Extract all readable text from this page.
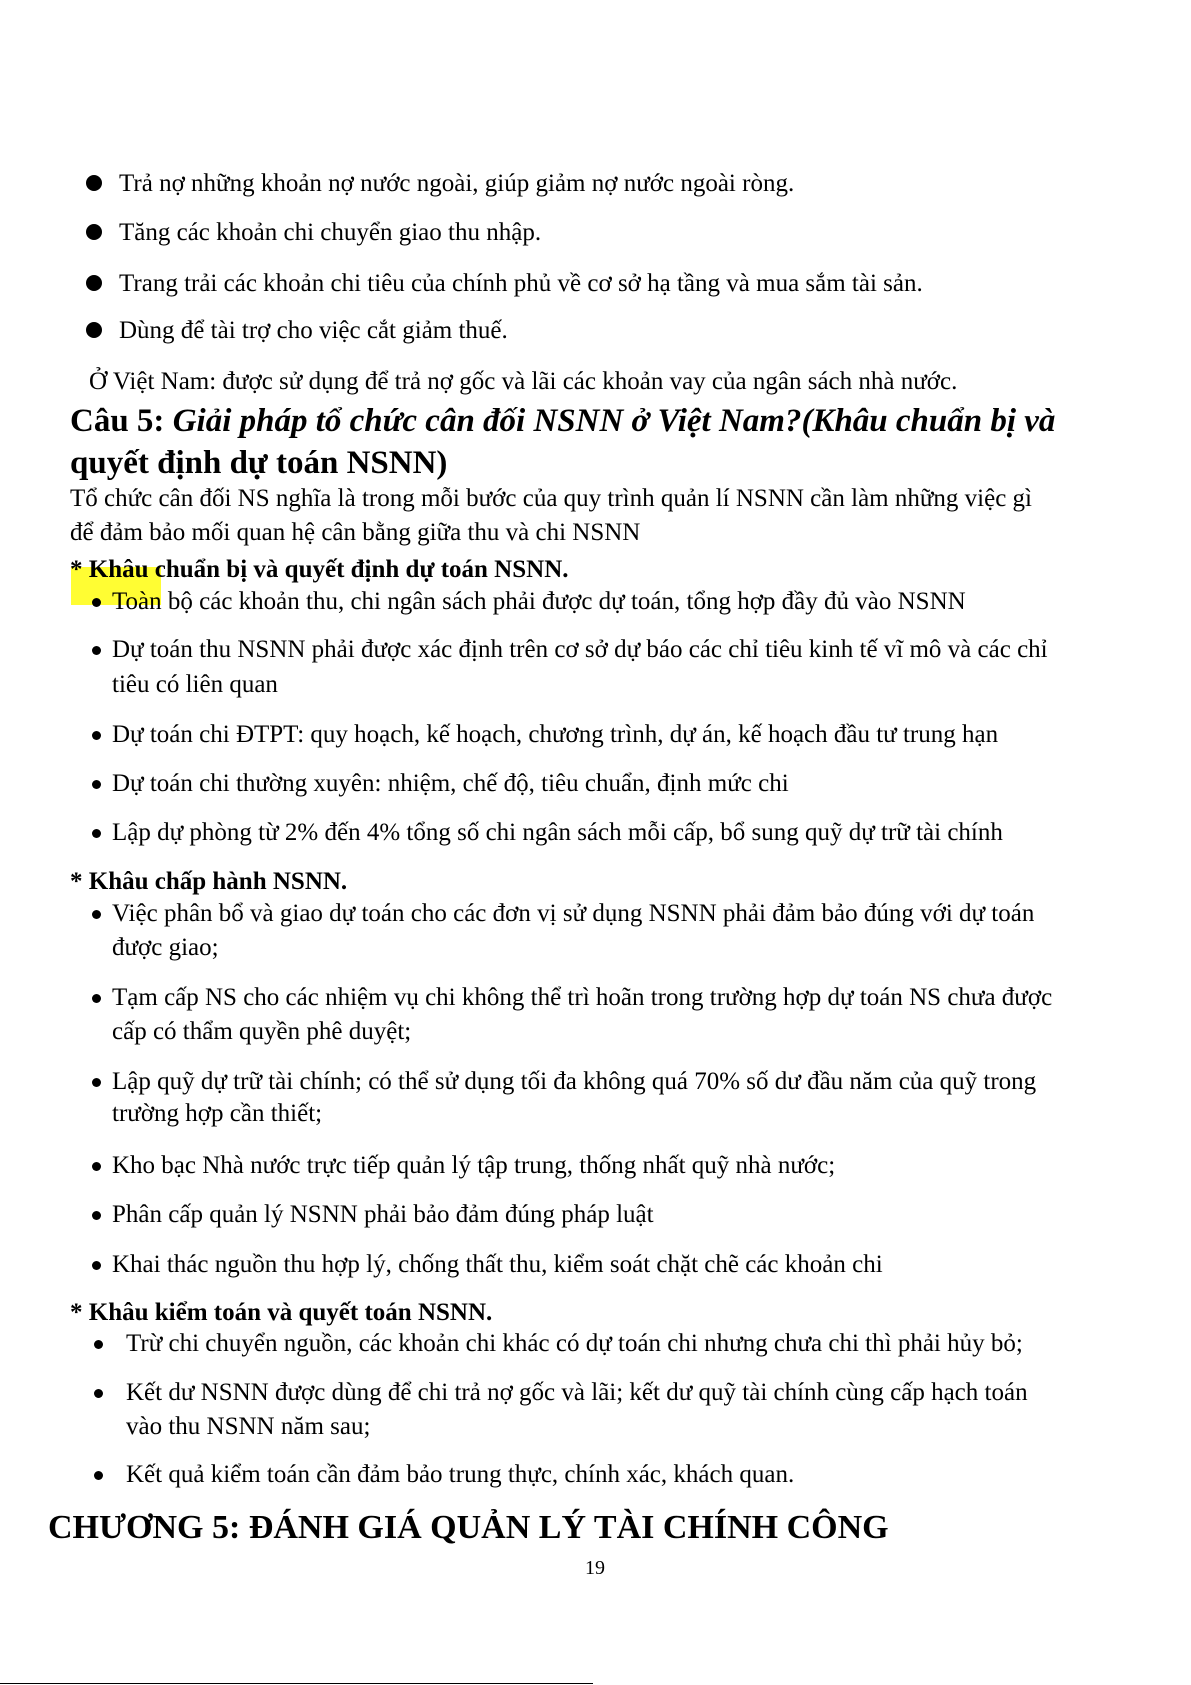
Trả nợ những khoản nợ nước ngoài, giúp giảm nợ nước ngoài ròng.
Tăng các khoản chi chuyển giao thu nhập.
Trang trải các khoản chi tiêu của chính phủ về cơ sở hạ tầng và mua sắm tài sản.
Dùng để tài trợ cho việc cắt giảm thuế.
Ở Việt Nam: được sử dụng để trả nợ gốc và lãi các khoản vay của ngân sách nhà nước.
Câu 5: Giải pháp tổ chức cân đối NSNN ở Việt Nam?(Khâu chuẩn bị và
quyết định dự toán NSNN)
Tổ chức cân đối NS nghĩa là trong mỗi bước của quy trình quản lí NSNN cần làm những việc gì
để đảm bảo mối quan hệ cân bằng giữa thu và chi NSNN
* Khâu chuẩn bị và quyết định dự toán NSNN.
Toàn bộ các khoản thu, chi ngân sách phải được dự toán, tổng hợp đầy đủ vào NSNN
Dự toán thu NSNN phải được xác định trên cơ sở dự báo các chỉ tiêu kinh tế vĩ mô và các chỉ
tiêu có liên quan
Dự toán chi ĐTPT: quy hoạch, kế hoạch, chương trình, dự án, kế hoạch đầu tư trung hạn
Dự toán chi thường xuyên: nhiệm, chế độ, tiêu chuẩn, định mức chi
Lập dự phòng từ 2% đến 4% tổng số chi ngân sách mỗi cấp, bổ sung quỹ dự trữ tài chính
* Khâu chấp hành NSNN.
Việc phân bổ và giao dự toán cho các đơn vị sử dụng NSNN phải đảm bảo đúng với dự toán
được giao;
Tạm cấp NS cho các nhiệm vụ chi không thể trì hoãn trong trường hợp dự toán NS chưa được
cấp có thẩm quyền phê duyệt;
Lập quỹ dự trữ tài chính; có thể sử dụng tối đa không quá 70% số dư đầu năm của quỹ trong
trường hợp cần thiết;
Kho bạc Nhà nước trực tiếp quản lý tập trung, thống nhất quỹ nhà nước;
Phân cấp quản lý NSNN phải bảo đảm đúng pháp luật
Khai thác nguồn thu hợp lý, chống thất thu, kiểm soát chặt chẽ các khoản chi
* Khâu kiểm toán và quyết toán NSNN.
Trừ chi chuyển nguồn, các khoản chi khác có dự toán chi nhưng chưa chi thì phải hủy bỏ;
Kết dư NSNN được dùng để chi trả nợ gốc và lãi; kết dư quỹ tài chính cùng cấp hạch toán
vào thu NSNN năm sau;
Kết quả kiểm toán cần đảm bảo trung thực, chính xác, khách quan.
CHƯƠNG 5: ĐÁNH GIÁ QUẢN LÝ TÀI CHÍNH CÔNG
19
